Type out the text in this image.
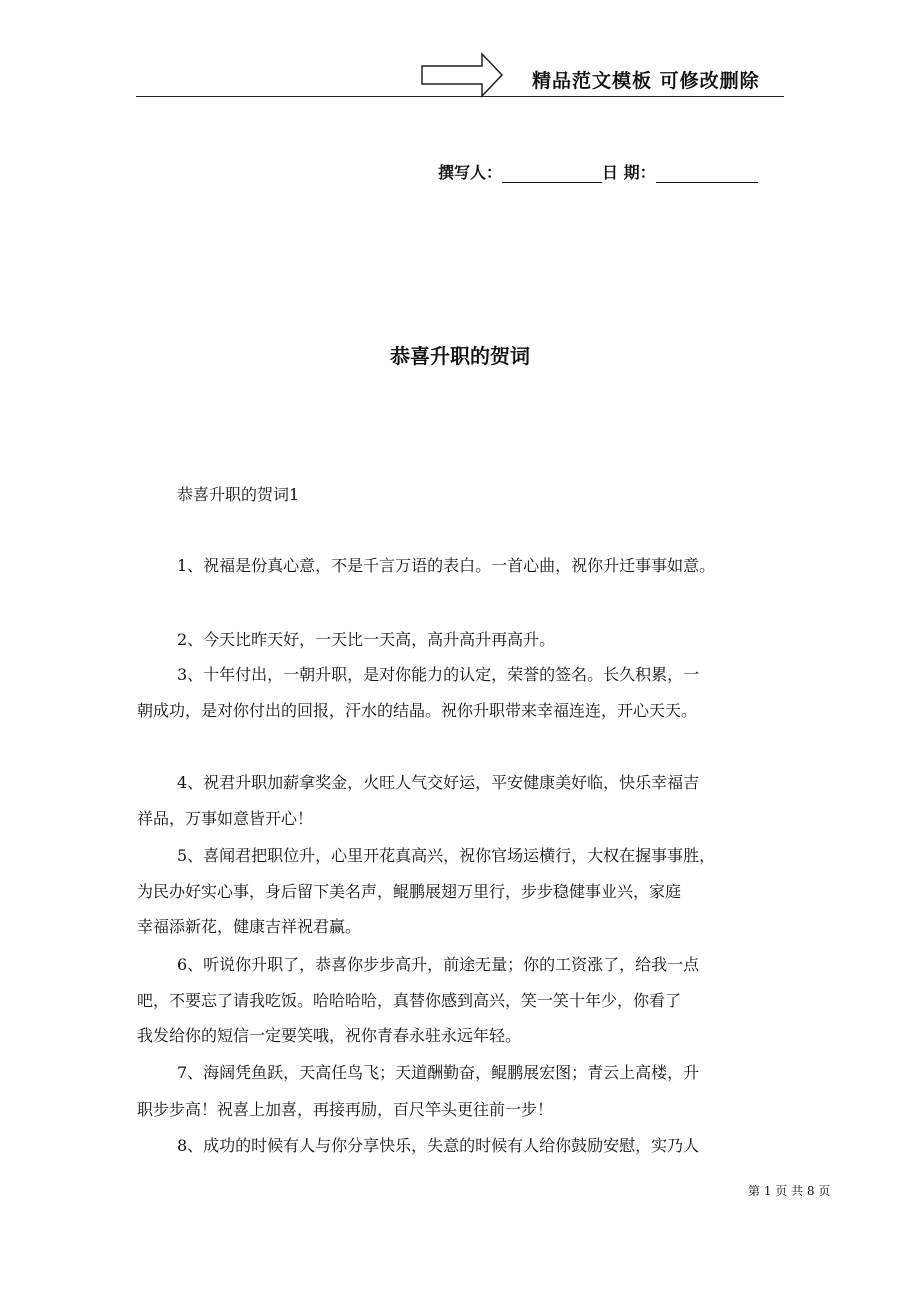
精品范文模板 可修改删除
撰写人：	日 期：
恭喜升职的贺词
恭喜升职的贺词1
1、祝福是份真心意，不是千言万语的表白。一首心曲，祝你升迁事事如意。
2、今天比昨天好，一天比一天高，高升高升再高升。
3、十年付出，一朝升职，是对你能力的认定，荣誉的签名。长久积累，一
朝成功，是对你付出的回报，汗水的结晶。祝你升职带来幸福连连，开心天天。
4、祝君升职加薪拿奖金，火旺人气交好运，平安健康美好临，快乐幸福吉
祥品，万事如意皆开心！
5、喜闻君把职位升，心里开花真高兴，祝你官场运横行，大权在握事事胜，
为民办好实心事，身后留下美名声，鲲鹏展翅万里行，步步稳健事业兴，家庭
幸福添新花，健康吉祥祝君赢。
6、听说你升职了，恭喜你步步高升，前途无量；你的工资涨了，给我一点
吧，不要忘了请我吃饭。哈哈哈哈，真替你感到高兴，笑一笑十年少，你看了
我发给你的短信一定要笑哦，祝你青春永驻永远年轻。
7、海阔凭鱼跃，天高任鸟飞；天道酬勤奋，鲲鹏展宏图；青云上高楼，升
职步步高！祝喜上加喜，再接再励，百尺竿头更往前一步！
8、成功的时候有人与你分享快乐，失意的时候有人给你鼓励安慰，实乃人
第 1 页 共 8 页
